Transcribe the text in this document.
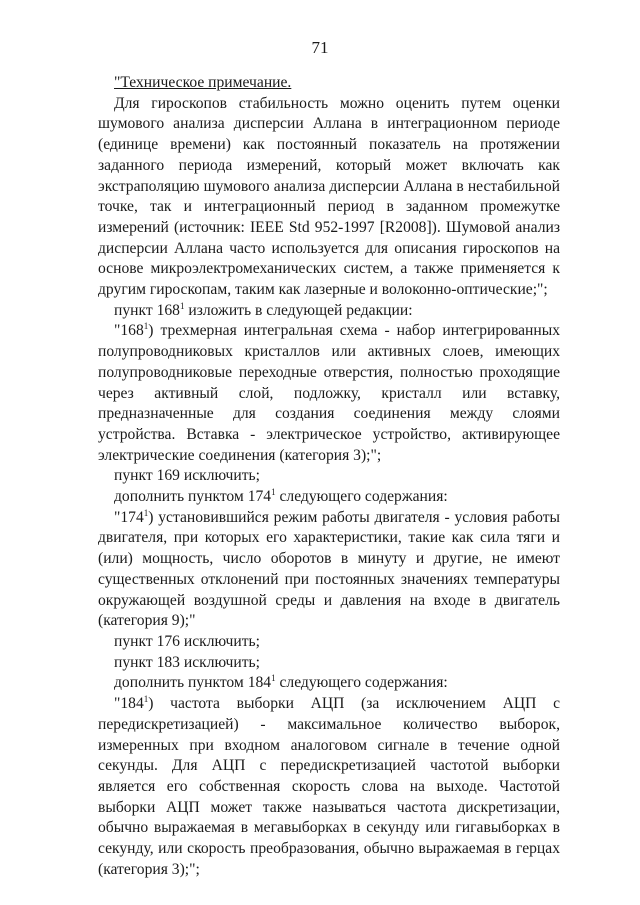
71

"Техническое примечание.

Для гироскопов стабильность можно оценить путем оценки шумового анализа дисперсии Аллана в интеграционном периоде (единице времени) как постоянный показатель на протяжении заданного периода измерений, который может включать как экстраполяцию шумового анализа дисперсии Аллана в нестабильной точке, так и интеграционный период в заданном промежутке измерений (источник: IEEE Std 952-1997 [R2008]). Шумовой анализ дисперсии Аллана часто используется для описания гироскопов на основе микроэлектромеханических систем, а также применяется к другим гироскопам, таким как лазерные и волоконно-оптические;";

пункт $168^1$ изложить в следующей редакции:

"$168^1$) трехмерная интегральная схема - набор интегрированных полупроводниковых кристаллов или активных слоев, имеющих полупроводниковые переходные отверстия, полностью проходящие через активный слой, подложку, кристалл или вставку, предназначенные для создания соединения между слоями устройства. Вставка - электрическое устройство, активирующее электрические соединения (категория 3);";

пункт 169 исключить;

дополнить пунктом $174^1$ следующего содержания:

"$174^1$) установившийся режим работы двигателя - условия работы двигателя, при которых его характеристики, такие как сила тяги и (или) мощность, число оборотов в минуту и другие, не имеют существенных отклонений при постоянных значениях температуры окружающей воздушной среды и давления на входе в двигатель (категория 9);"

пункт 176 исключить;

пункт 183 исключить;

дополнить пунктом $184^1$ следующего содержания:

"$184^1$) частота выборки АЦП (за исключением АЦП с передискретизацией) - максимальное количество выборок, измеренных при входном аналоговом сигнале в течение одной секунды. Для АЦП с передискретизацией частотой выборки является его собственная скорость слова на выходе. Частотой выборки АЦП может также называться частота дискретизации, обычно выражаемая в мегавыборках в секунду или гигавыборках в секунду, или скорость преобразования, обычно выражаемая в герцах (категория 3);";
